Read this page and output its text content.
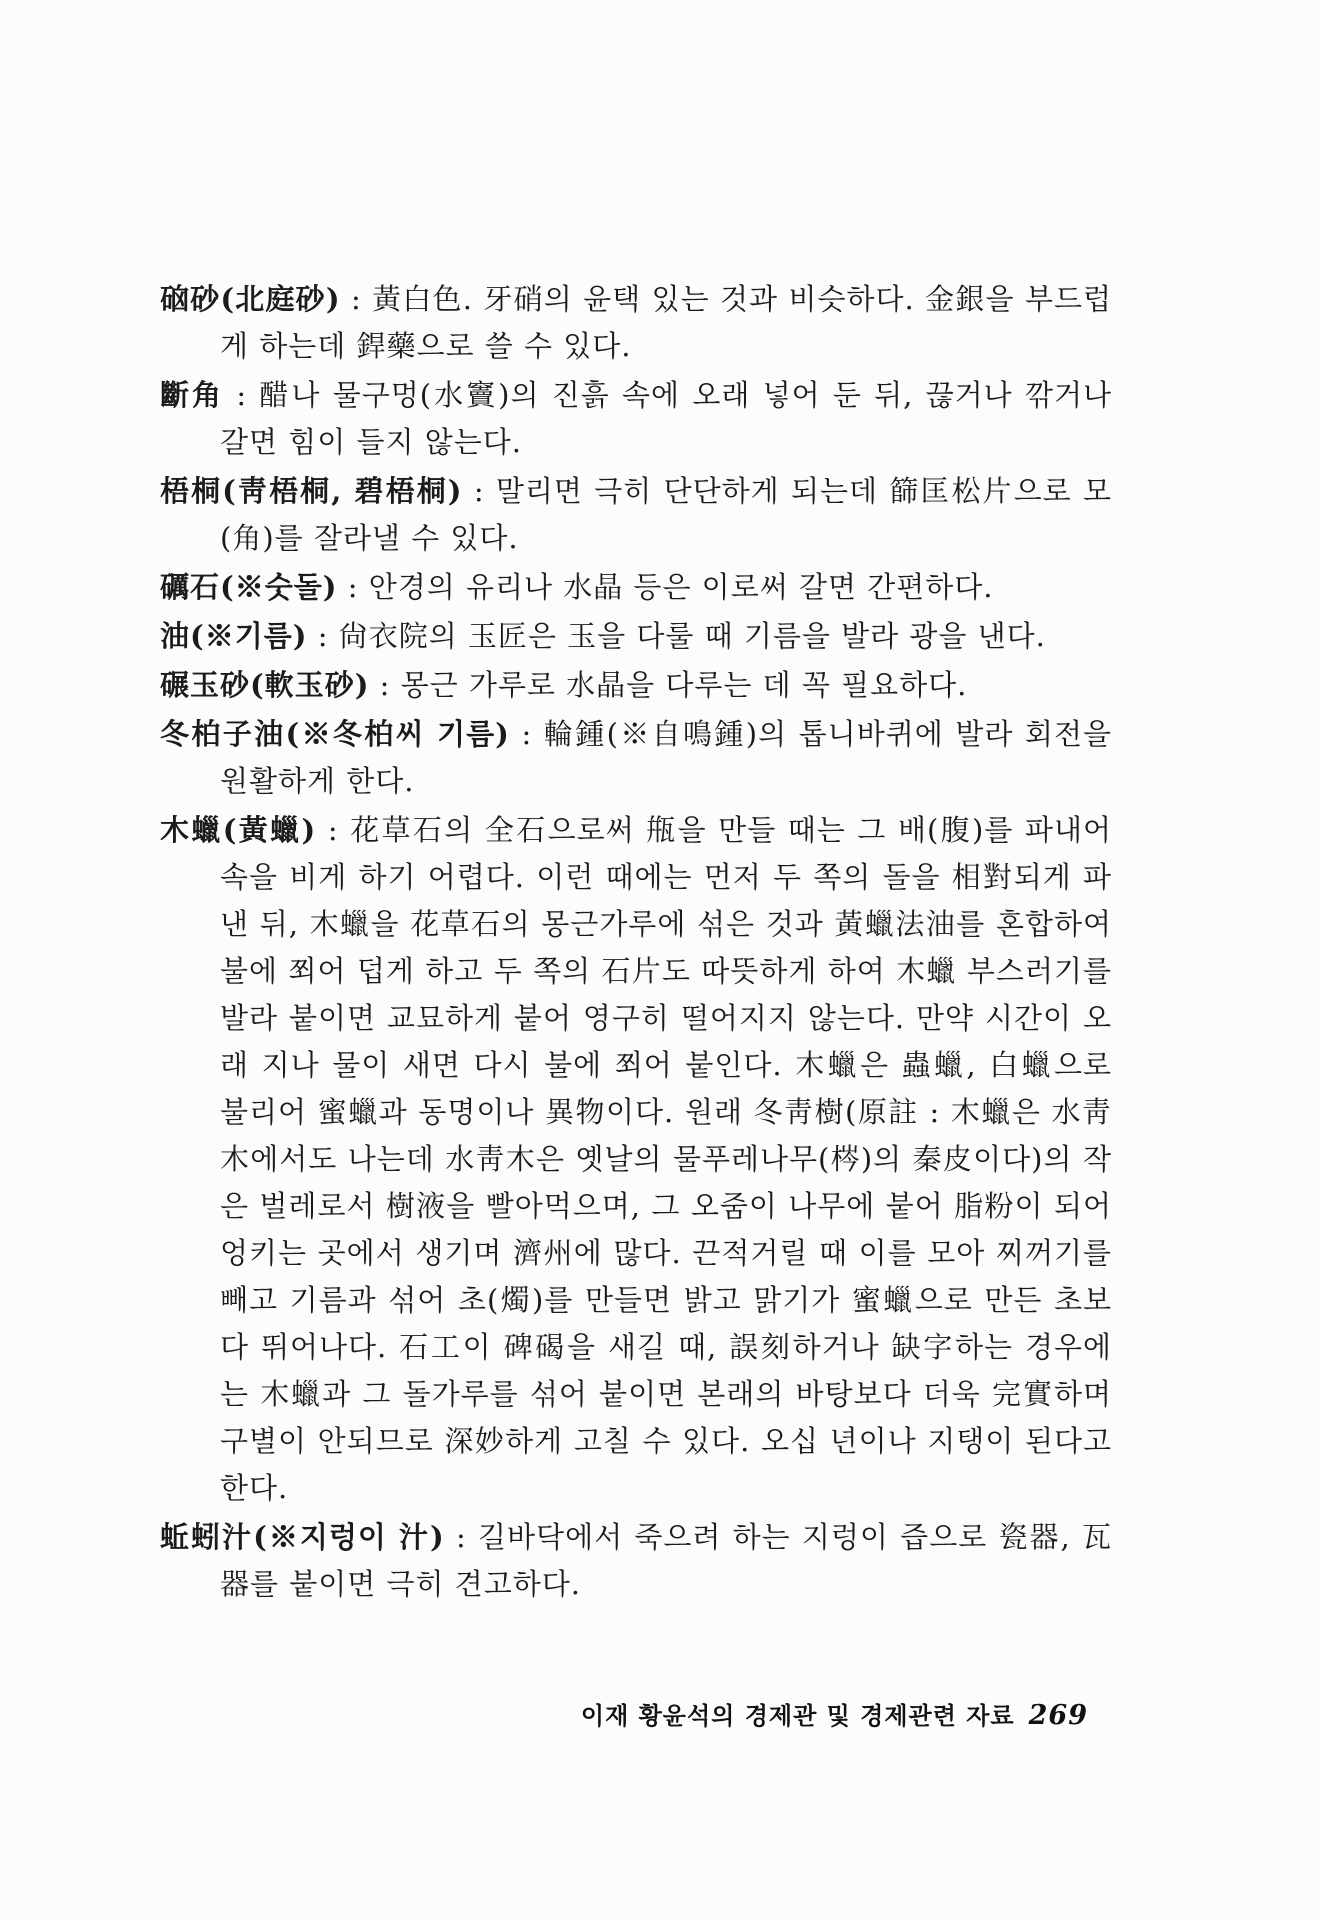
硇砂(北庭砂) : 黃白色. 牙硝의 윤택 있는 것과 비슷하다. 金銀을 부드럽게 하는데 銲藥으로 쓸 수 있다.

斷角 : 醋나 물구멍(水竇)의 진흙 속에 오래 넣어 둔 뒤, 끊거나 깎거나 갈면 힘이 들지 않는다.

梧桐(靑梧桐, 碧梧桐) : 말리면 극히 단단하게 되는데 篩匡松片으로 모(角)를 잘라낼 수 있다.

礪石(※숫돌) : 안경의 유리나 水晶 등은 이로써 갈면 간편하다.

油(※기름) : 尙衣院의 玉匠은 玉을 다룰 때 기름을 발라 광을 낸다.

碾玉砂(軟玉砂) : 몽근 가루로 水晶을 다루는 데 꼭 필요하다.

冬柏子油(※冬柏씨 기름) : 輪鍾(※自鳴鍾)의 톱니바퀴에 발라 회전을 원활하게 한다.

木蠟(黃蠟) : 花草石의 全石으로써 甁을 만들 때는 그 배(腹)를 파내어 속을 비게 하기 어렵다. 이런 때에는 먼저 두 쪽의 돌을 相對되게 파낸 뒤, 木蠟을 花草石의 몽근가루에 섞은 것과 黃蠟法油를 혼합하여 불에 쬐어 덥게 하고 두 쪽의 石片도 따뜻하게 하여 木蠟 부스러기를 발라 붙이면 교묘하게 붙어 영구히 떨어지지 않는다. 만약 시간이 오래 지나 물이 새면 다시 불에 쬐어 붙인다. 木蠟은 蟲蠟, 白蠟으로 불리어 蜜蠟과 동명이나 異物이다. 원래 冬靑樹(原註 : 木蠟은 水靑木에서도 나는데 水靑木은 옛날의 물푸레나무(梣)의 秦皮이다)의 작은 벌레로서 樹液을 빨아먹으며, 그 오줌이 나무에 붙어 脂粉이 되어 엉키는 곳에서 생기며 濟州에 많다. 끈적거릴 때 이를 모아 찌꺼기를 빼고 기름과 섞어 초(燭)를 만들면 밝고 맑기가 蜜蠟으로 만든 초보다 뛰어나다. 石工이 碑碣을 새길 때, 誤刻하거나 缺字하는 경우에는 木蠟과 그 돌가루를 섞어 붙이면 본래의 바탕보다 더욱 完實하며 구별이 안되므로 深妙하게 고칠 수 있다. 오십 년이나 지탱이 된다고 한다.

蚯蚓汁(※지렁이 汁) : 길바닥에서 죽으려 하는 지렁이 즙으로 瓷器, 瓦器를 붙이면 극히 견고하다.

이재 황윤석의 경제관 및 경제관련 자료 269
